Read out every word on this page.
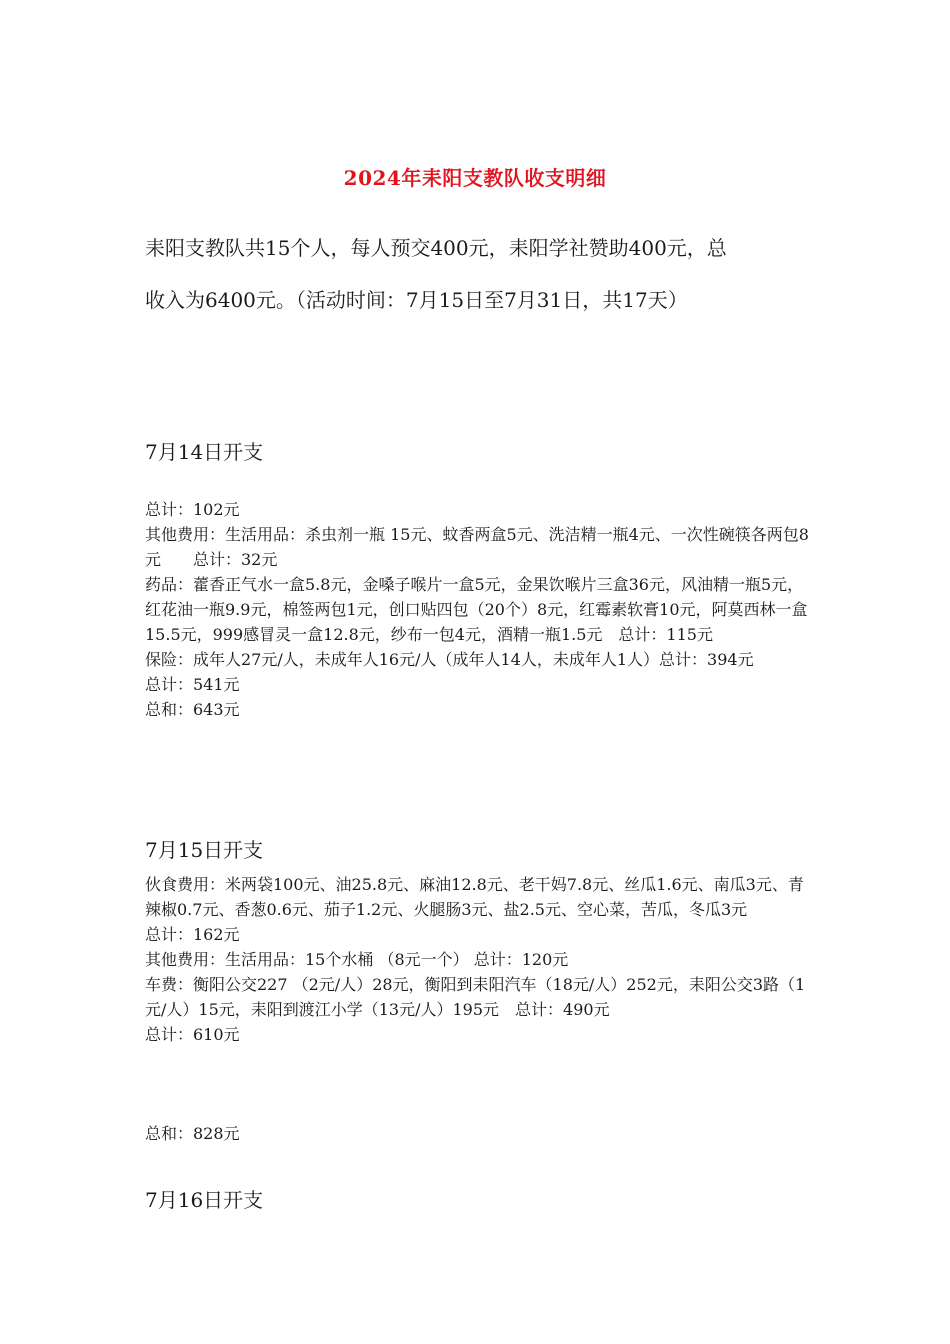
2024年耒阳支教队收支明细

耒阳支教队共15个人，每人预交400元，耒阳学社赞助400元，总

收入为6400元。（活动时间：7月15日至7月31日，共17天）

7月14日开支

总计：102元

其他费用：生活用品：杀虫剂一瓶 15元、蚊香两盒5元、洗洁精一瓶4元、一次性碗筷各两包8元　　总计：32元

药品：藿香正气水一盒5.8元，金嗓子喉片一盒5元，金果饮喉片三盒36元，风油精一瓶5元，红花油一瓶9.9元，棉签两包1元，创口贴四包（20个）8元，红霉素软膏10元，阿莫西林一盒15.5元，999感冒灵一盒12.8元，纱布一包4元，酒精一瓶1.5元　总计：115元

保险：成年人27元/人，未成年人16元/人（成年人14人，未成年人1人）总计：394元

总计：541元

总和：643元

7月15日开支

伙食费用：米两袋100元、油25.8元、麻油12.8元、老干妈7.8元、丝瓜1.6元、南瓜3元、青辣椒0.7元、香葱0.6元、茄子1.2元、火腿肠3元、盐2.5元、空心菜，苦瓜，冬瓜3元

总计：162元

其他费用：生活用品：15个水桶 （8元一个） 总计：120元

车费：衡阳公交227 （2元/人）28元，衡阳到耒阳汽车（18元/人）252元，耒阳公交3路（1元/人）15元，耒阳到渡江小学（13元/人）195元　总计：490元

总计：610元

总和：828元

7月16日开支
